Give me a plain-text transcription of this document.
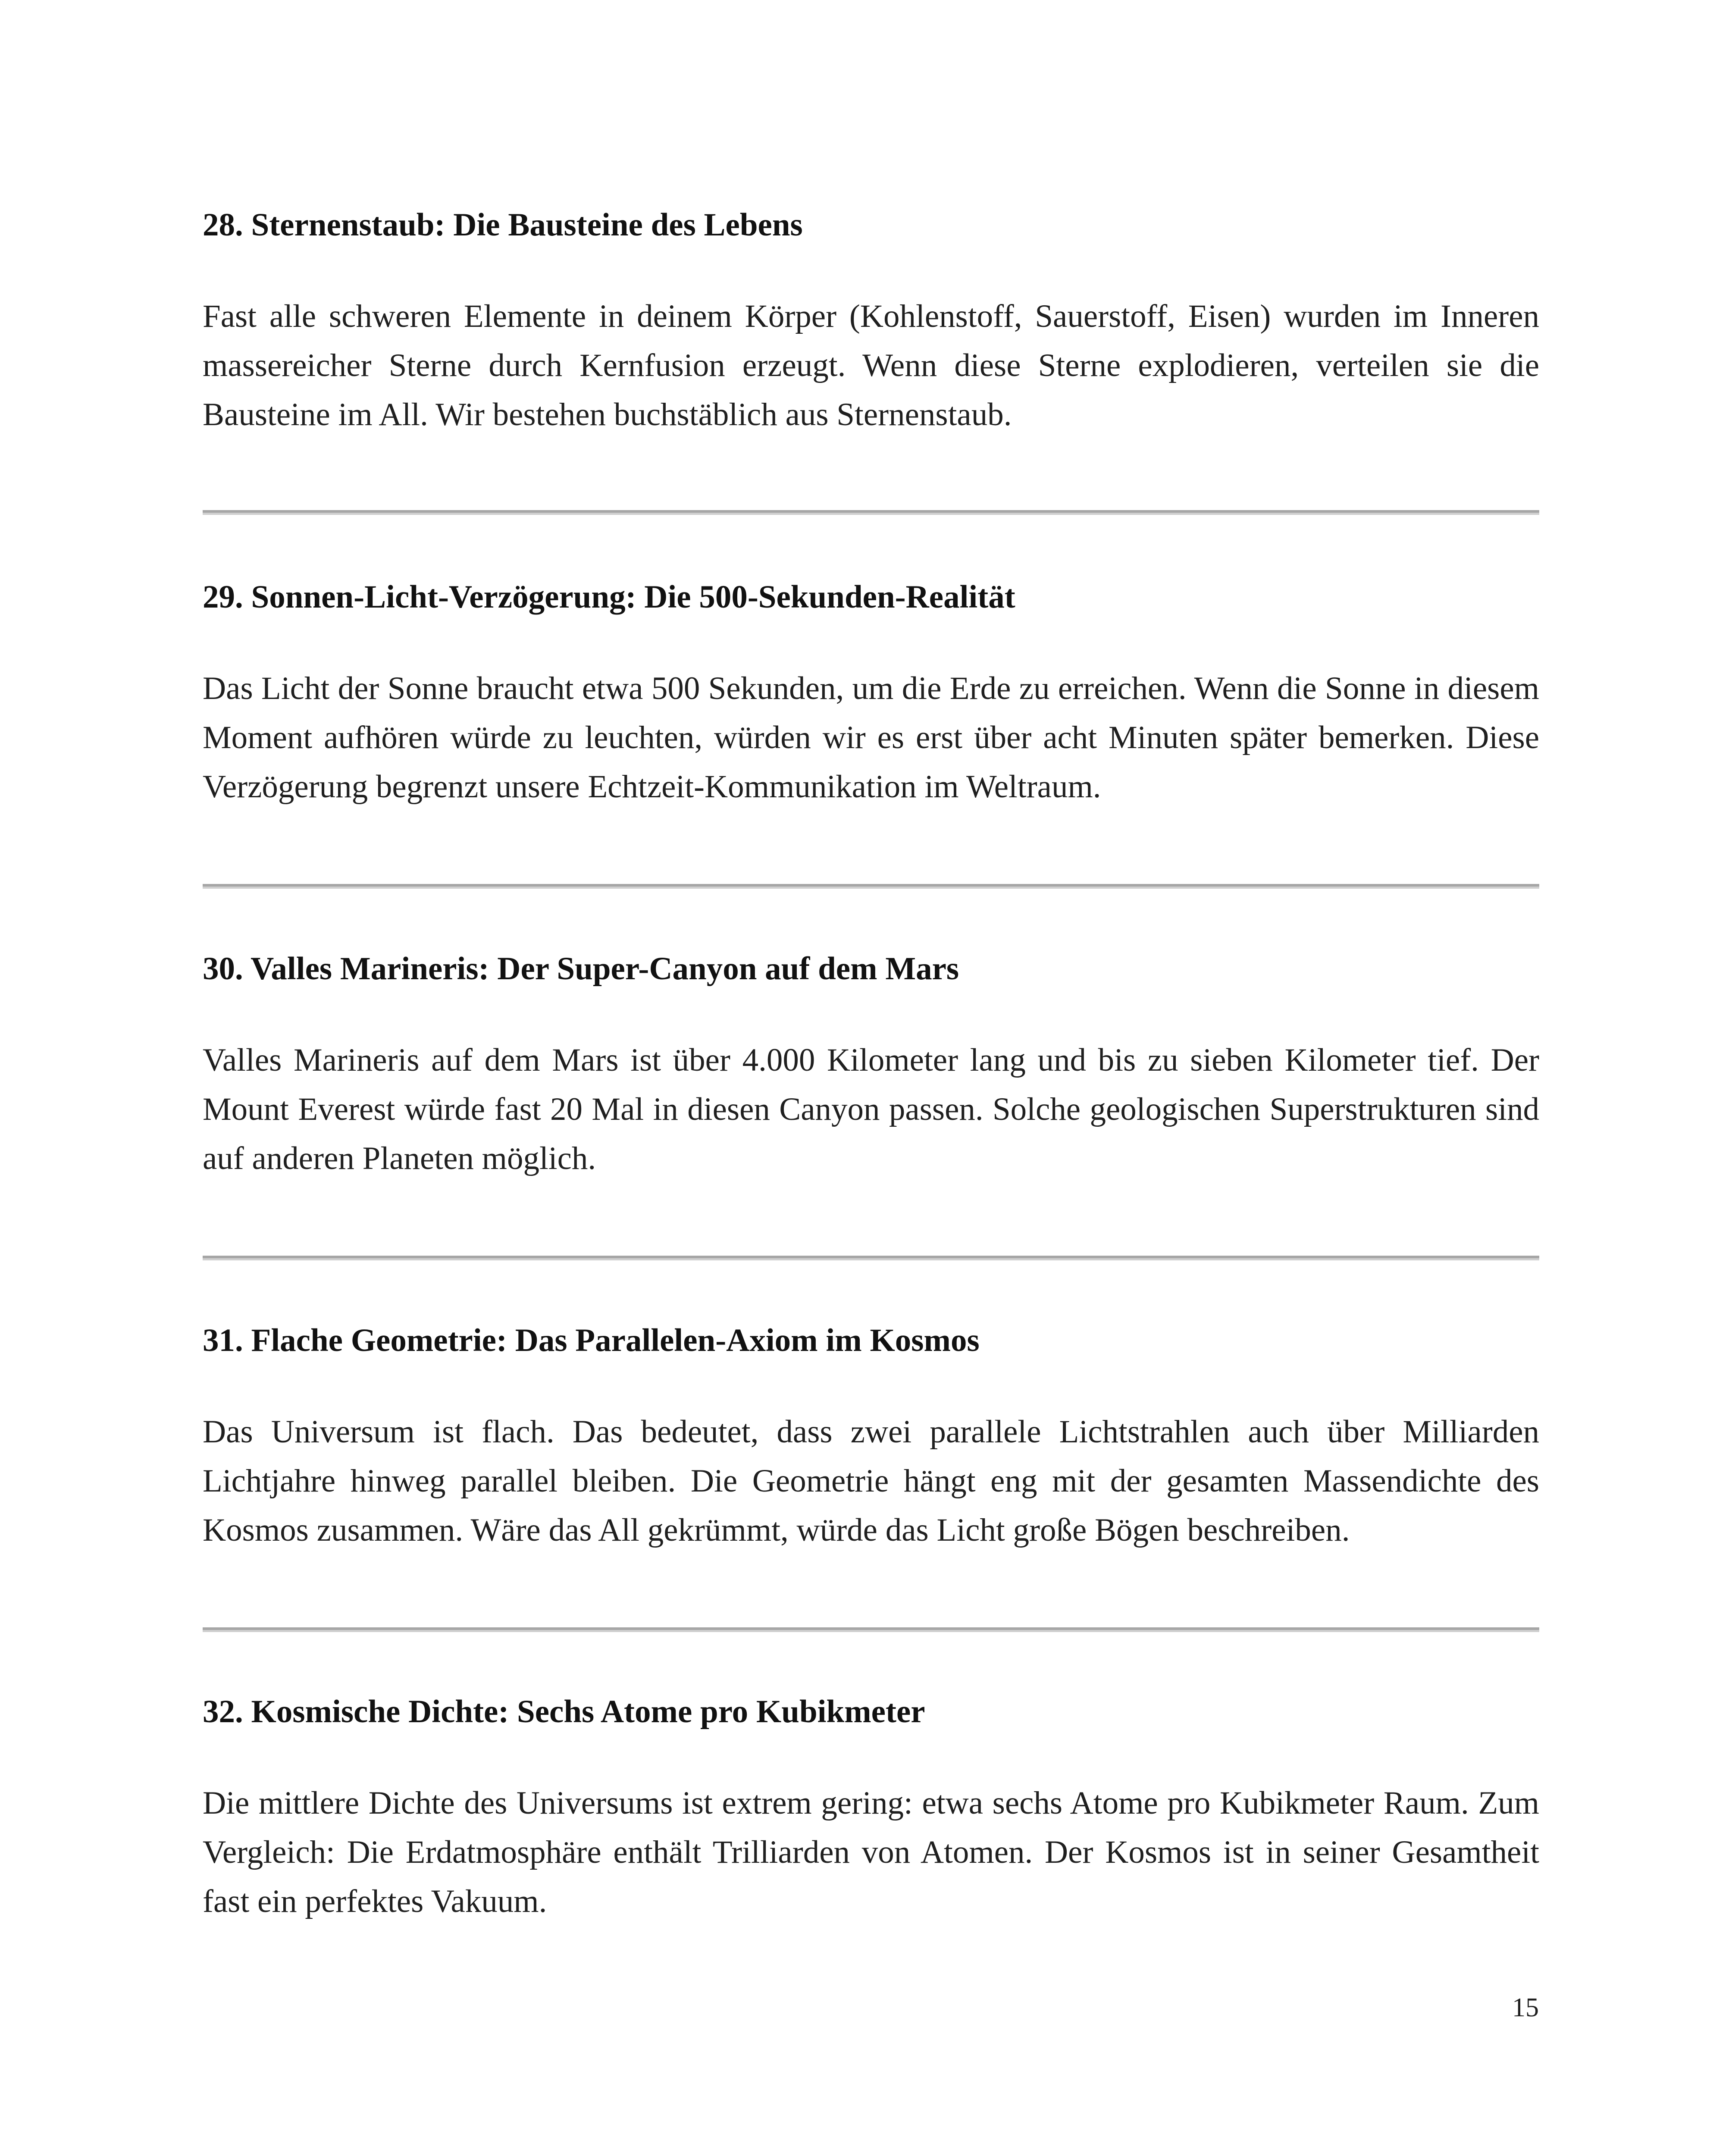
28. Sternenstaub: Die Bausteine des Lebens

Fast alle schweren Elemente in deinem Körper (Kohlenstoff, Sauerstoff, Eisen) wurden im Inneren massereicher Sterne durch Kernfusion erzeugt. Wenn diese Sterne explodieren, verteilen sie die Bausteine im All. Wir bestehen buchstäblich aus Sternenstaub.

29. Sonnen-Licht-Verzögerung: Die 500-Sekunden-Realität

Das Licht der Sonne braucht etwa 500 Sekunden, um die Erde zu erreichen. Wenn die Sonne in diesem Moment aufhören würde zu leuchten, würden wir es erst über acht Minuten später bemerken. Diese Verzögerung begrenzt unsere Echtzeit-Kommunikation im Weltraum.

30. Valles Marineris: Der Super-Canyon auf dem Mars

Valles Marineris auf dem Mars ist über 4.000 Kilometer lang und bis zu sieben Kilometer tief. Der Mount Everest würde fast 20 Mal in diesen Canyon passen. Solche geologischen Superstrukturen sind auf anderen Planeten möglich.

31. Flache Geometrie: Das Parallelen-Axiom im Kosmos

Das Universum ist flach. Das bedeutet, dass zwei parallele Lichtstrahlen auch über Milliarden Lichtjahre hinweg parallel bleiben. Die Geometrie hängt eng mit der gesamten Massendichte des Kosmos zusammen. Wäre das All gekrümmt, würde das Licht große Bögen beschreiben.

32. Kosmische Dichte: Sechs Atome pro Kubikmeter

Die mittlere Dichte des Universums ist extrem gering: etwa sechs Atome pro Kubikmeter Raum. Zum Vergleich: Die Erdatmosphäre enthält Trilliarden von Atomen. Der Kosmos ist in seiner Gesamtheit fast ein perfektes Vakuum.

15
